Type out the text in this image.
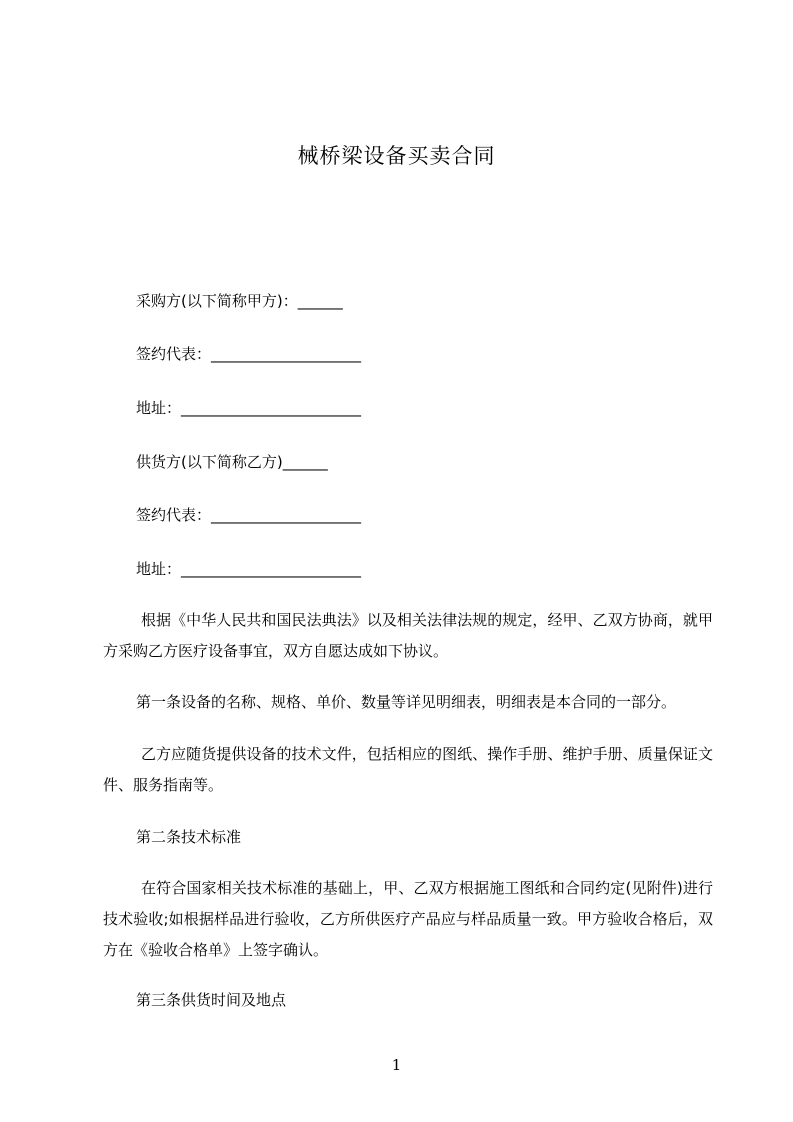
械桥梁设备买卖合同
采购方(以下简称甲方)：______
签约代表：____________________
地址：________________________
供货方(以下简称乙方)______
签约代表：____________________
地址：________________________
根据《中华人民共和国民法典法》以及相关法律法规的规定，经甲、乙双方协商，就甲方采购乙方医疗设备事宜，双方自愿达成如下协议。
第一条设备的名称、规格、单价、数量等详见明细表，明细表是本合同的一部分。
乙方应随货提供设备的技术文件，包括相应的图纸、操作手册、维护手册、质量保证文件、服务指南等。
第二条技术标准
在符合国家相关技术标准的基础上，甲、乙双方根据施工图纸和合同约定(见附件)进行技术验收;如根据样品进行验收，乙方所供医疗产品应与样品质量一致。甲方验收合格后，双方在《验收合格单》上签字确认。
第三条供货时间及地点
1
